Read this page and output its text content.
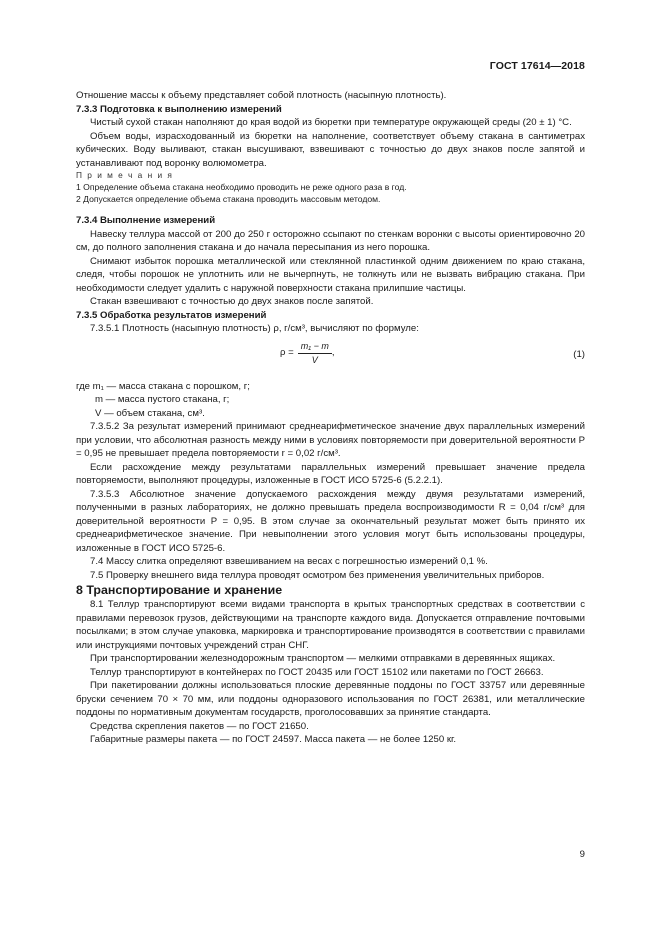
ГОСТ 17614—2018

Отношение массы к объему представляет собой плотность (насыпную плотность).

7.3.3 Подготовка к выполнению измерений

Чистый сухой стакан наполняют до края водой из бюретки при температуре окружающей среды (20 ± 1) °С.

Объем воды, израсходованный из бюретки на наполнение, соответствует объему стакана в сантиметрах кубических. Воду выливают, стакан высушивают, взвешивают с точностью до двух знаков после запятой и устанавливают под воронку волюмометра.

П р и м е ч а н и я

1 Определение объема стакана необходимо проводить не реже одного раза в год.

2 Допускается определение объема стакана проводить массовым методом.

7.3.4 Выполнение измерений

Навеску теллура массой от 200 до 250 г осторожно ссыпают по стенкам воронки с высоты ориентировочно 20 см, до полного заполнения стакана и до начала пересыпания из него порошка.

Снимают избыток порошка металлической или стеклянной пластинкой одним движением по краю стакана, следя, чтобы порошок не уплотнить или не вычерпнуть, не толкнуть или не вызвать вибрацию стакана. При необходимости следует удалить с наружной поверхности стакана прилипшие частицы.

Стакан взвешивают с точностью до двух знаков после запятой.

7.3.5 Обработка результатов измерений

7.3.5.1 Плотность (насыпную плотность) ρ, г/см³, вычисляют по формуле:

$\rho = \frac{\text{m₁ − m}}{V}$ ,	(1)

где m₁ — масса стакана с порошком, г;

m — масса пустого стакана, г;

V — объем стакана, см³.

7.3.5.2 За результат измерений принимают среднеарифметическое значение двух параллельных измерений при условии, что абсолютная разность между ними в условиях повторяемости при доверительной вероятности P = 0,95 не превышает предела повторяемости r = 0,02 г/см³.

Если расхождение между результатами параллельных измерений превышает значение предела повторяемости, выполняют процедуры, изложенные в ГОСТ ИСО 5725-6 (5.2.2.1).

7.3.5.3 Абсолютное значение допускаемого расхождения между двумя результатами измерений, полученными в разных лабораториях, не должно превышать предела воспроизводимости R = 0,04 г/см³ для доверительной вероятности P = 0,95. В этом случае за окончательный результат может быть принято их среднеарифметическое значение. При невыполнении этого условия могут быть использованы процедуры, изложенные в ГОСТ ИСО 5725-6.

7.4 Массу слитка определяют взвешиванием на весах с погрешностью измерений 0,1 %.

7.5 Проверку внешнего вида теллура проводят осмотром без применения увеличительных приборов.

8 Транспортирование и хранение

8.1 Теллур транспортируют всеми видами транспорта в крытых транспортных средствах в соответствии с правилами перевозок грузов, действующими на транспорте каждого вида. Допускается отправление почтовыми посылками; в этом случае упаковка, маркировка и транспортирование производятся в соответствии с правилами или инструкциями почтовых учреждений стран СНГ.

При транспортировании железнодорожным транспортом — мелкими отправками в деревянных ящиках.

Теллур транспортируют в контейнерах по ГОСТ 20435 или ГОСТ 15102 или пакетами по ГОСТ 26663.

При пакетировании должны использоваться плоские деревянные поддоны по ГОСТ 33757 или деревянные бруски сечением 70 × 70 мм, или поддоны одноразового использования по ГОСТ 26381, или металлические поддоны по нормативным документам государств, проголосовавших за принятие стандарта.

Средства скрепления пакетов — по ГОСТ 21650.

Габаритные размеры пакета — по ГОСТ 24597. Масса пакета — не более 1250 кг.

9
